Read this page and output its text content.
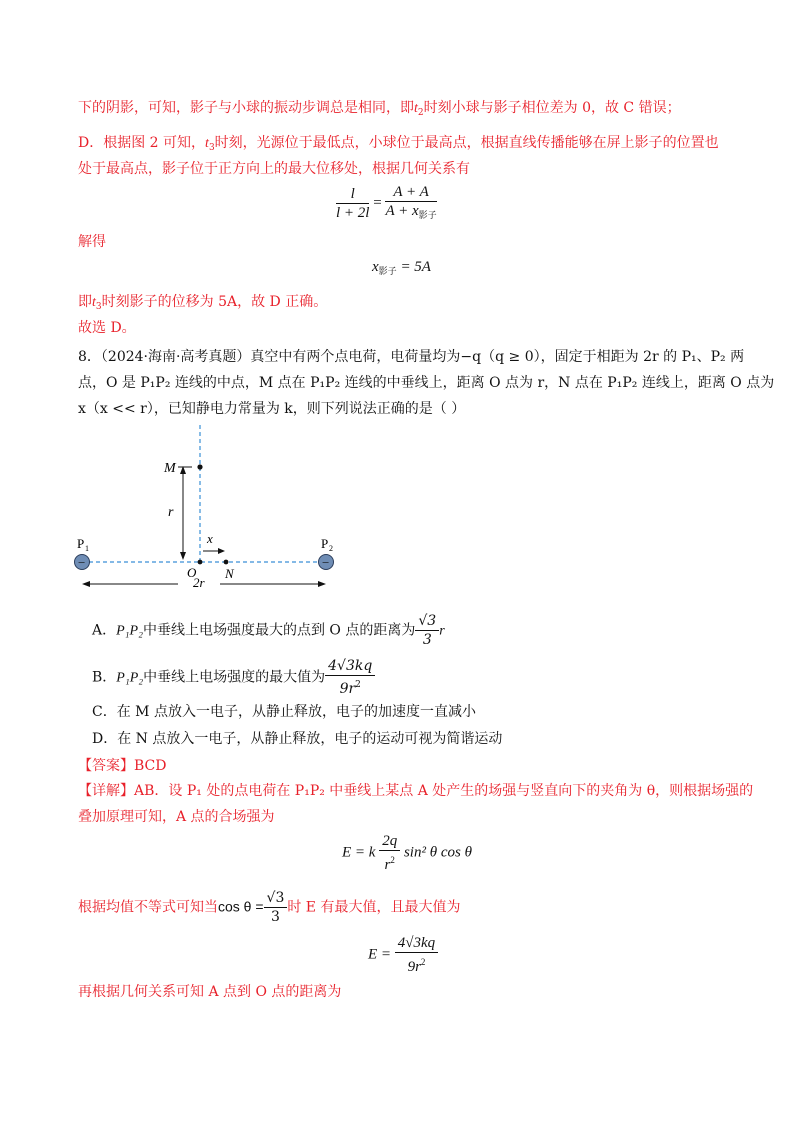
下的阴影，可知，影子与小球的振动步调总是相同，即$t_2$时刻小球与影子相位差为 0，故 C 错误；
D．根据图 2 可知，$t_3$时刻，光源位于最低点，小球位于最高点，根据直线传播能够在屏上影子的位置也
处于最高点，影子位于正方向上的最大位移处，根据几何关系有
$\frac{l}{l + 2l} = \frac{A + A}{A + x_{影子}}$
解得
$x_{影子} = 5A$
即$t_3$时刻影子的位移为 5A，故 D 正确。
故选 D。
8．（2024·海南·高考真题）真空中有两个点电荷，电荷量均为−q（q ≥ 0），固定于相距为 2r 的 P₁、P₂ 两
点，O 是 P₁P₂ 连线的中点，M 点在 P₁P₂ 连线的中垂线上，距离 O 点为 r，N 点在 P₁P₂ 连线上，距离 O 点为
x（x << r），已知静电力常量为 k，则下列说法正确的是（ ）
M
r
x
O N
2r
P 1	P 2
−	−
A．P₁P₂中垂线上电场强度最大的点到 O 点的距离为 $\frac{√3}{3}$ r
B．P₁P₂中垂线上电场强度的最大值为 $\frac{4√3kq}{9r^2}$
C．在 M 点放入一电子，从静止释放，电子的加速度一直减小
D．在 N 点放入一电子，从静止释放，电子的运动可视为简谐运动
【答案】BCD
【详解】AB．设 P₁ 处的点电荷在 P₁P₂ 中垂线上某点 A 处产生的场强与竖直向下的夹角为 θ，则根据场强的
叠加原理可知，A 点的合场强为
E = k $\frac{2q}{r^2} \sin^2$ θ cos θ
根据均值不等式可知当$\cos \theta = \frac{√3}{3}$ 时 E 有最大值，且最大值为
$E = \frac{4√3kq}{9r^2}$
再根据几何关系可知 A 点到 O 点的距离为
